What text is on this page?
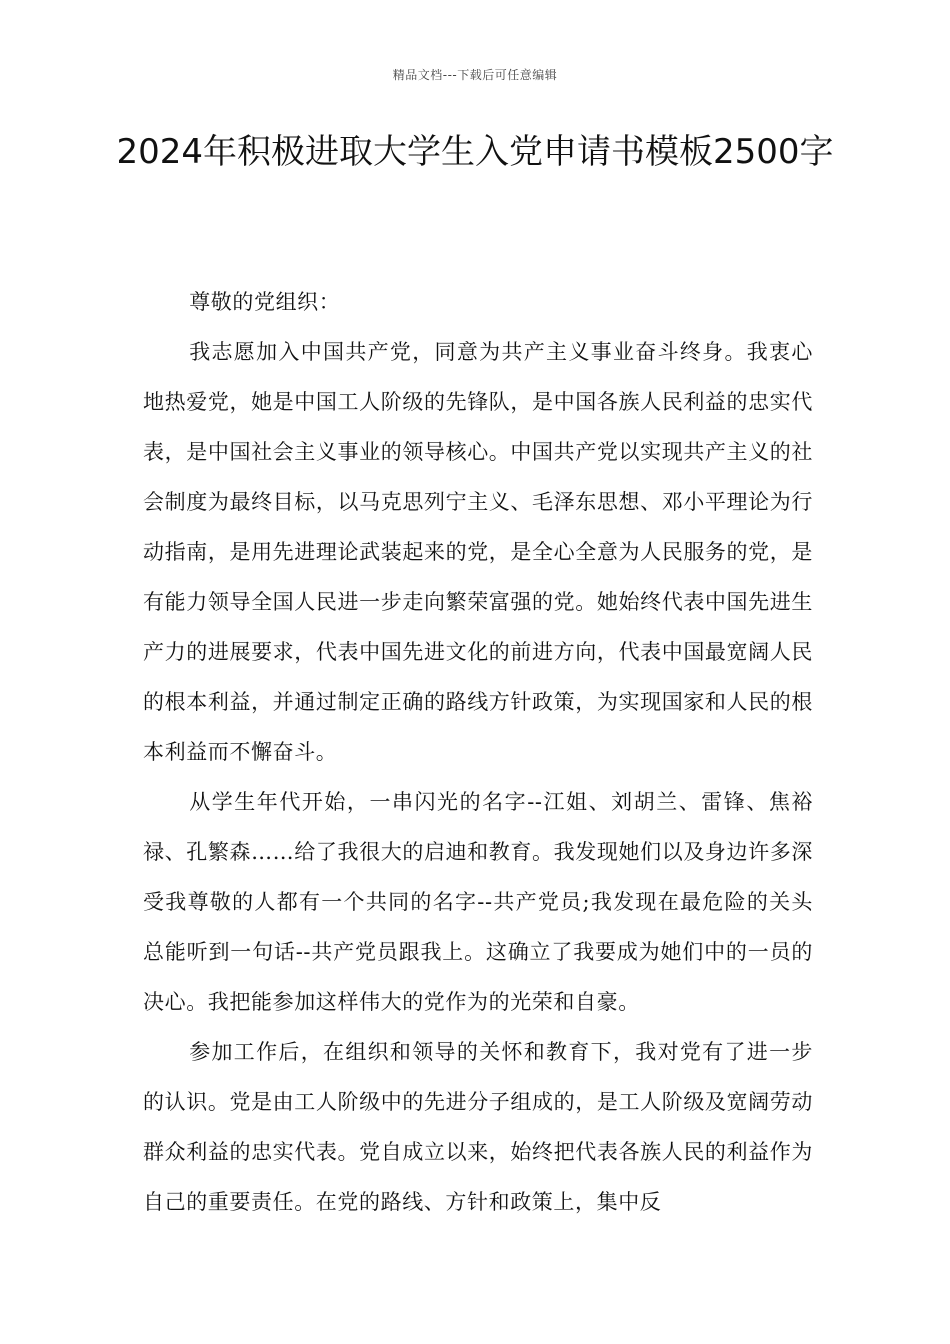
精品文档---下载后可任意编辑
2024年积极进取大学生入党申请书模板2500字

尊敬的党组织：

我志愿加入中国共产党，同意为共产主义事业奋斗终身。我衷心地热爱党，她是中国工人阶级的先锋队，是中国各族人民利益的忠实代表，是中国社会主义事业的领导核心。中国共产党以实现共产主义的社会制度为最终目标，以马克思列宁主义、毛泽东思想、邓小平理论为行动指南，是用先进理论武装起来的党，是全心全意为人民服务的党，是有能力领导全国人民进一步走向繁荣富强的党。她始终代表中国先进生产力的进展要求，代表中国先进文化的前进方向，代表中国最宽阔人民的根本利益，并通过制定正确的路线方针政策，为实现国家和人民的根本利益而不懈奋斗。

从学生年代开始，一串闪光的名字--江姐、刘胡兰、雷锋、焦裕禄、孔繁森……给了我很大的启迪和教育。我发现她们以及身边许多深受我尊敬的人都有一个共同的名字--共产党员;我发现在最危险的关头总能听到一句话--共产党员跟我上。这确立了我要成为她们中的一员的决心。我把能参加这样伟大的党作为的光荣和自豪。

参加工作后，在组织和领导的关怀和教育下，我对党有了进一步的认识。党是由工人阶级中的先进分子组成的，是工人阶级及宽阔劳动群众利益的忠实代表。党自成立以来，始终把代表各族人民的利益作为自己的重要责任。在党的路线、方针和政策上，集中反
